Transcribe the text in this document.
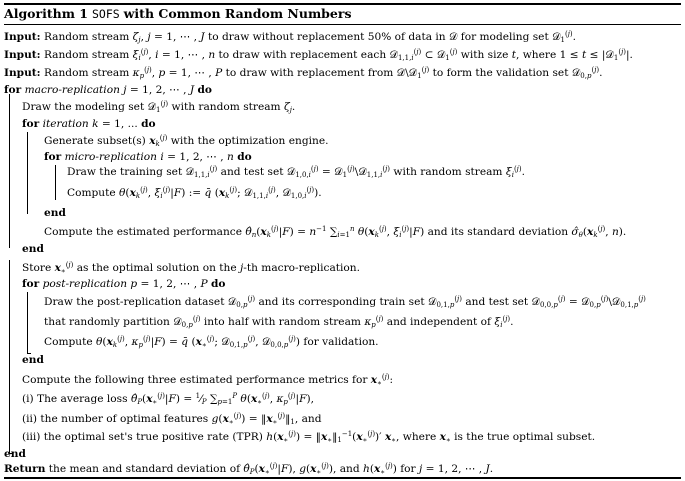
Algorithm 1 SOFS with Common Random Numbers
Input: Random stream $\zeta_j$, j = 1, ⋯ , J to draw without replacement 50% of data in 𝒟 for modeling set 𝒟$_1^{(j)}$.
Input: Random stream $\xi_i^{(j)}$, i = 1, ⋯ , n to draw with replacement each 𝒟$_{1,1,i}^{(j)}$ ⊂ 𝒟$_1^{(j)}$ with size t, where 1 ≤ t ≤ |𝒟$_1^{(j)}$|.
Input: Random stream $\kappa_p^{(j)}$, p = 1, ⋯ , P to draw with replacement from 𝒟\𝒟$_1^{(j)}$ to form the validation set 𝒟$_{0,p}^{(j)}$.
for macro-replication j = 1, 2, ⋯ , J do
Draw the modeling set 𝒟$_1^{(j)}$ with random stream $\zeta_j$.
for iteration k = 1, ... do
Generate subset(s) $x_k^{(j)}$ with the optimization engine.
for micro-replication i = 1, 2, ⋯ , n do
Draw the training set 𝒟$_{1,1,i}^{(j)}$ and test set 𝒟$_{1,0,i}^{(j)}$ = 𝒟$_1^{(j)}$\𝒟$_{1,1,i}^{(j)}$ with random stream $\xi_i^{(j)}$.
Compute $\theta(x_k^{(j)}$, $\xi_i^{(j)}|F$) := q̄ ($x_k^{(j)}$; 𝒟$_{1,1,i}^{(j)}$, 𝒟$_{1,0,i}^{(j)}$).
end
Compute the estimated performance $\thetâ_n(x_k^{(j)}|F) = n^{-1}$ $\sum_{i=1}^n$ $\theta(x_k^{(j)}$, $\xi_i^{(j)}|F$) and its standard deviation $\sigmâ_\theta(x_k^{(j)}$, n).
end
Store $x_∗^{(j)}$ as the optimal solution on the j-th macro-replication.
for post-replication p = 1, 2, ⋯ , P do
Draw the post-replication dataset 𝒟$_{0,p}^{(j)}$ and its corresponding train set 𝒟$_{0,1,p}^{(j)}$ and test set 𝒟$_{0,0,p}^{(j)}$ = 𝒟$_{0,p}^{(j)}$\𝒟$_{0,1,p}^{(j)}$
that randomly partition 𝒟$_{0,p}^{(j)}$ into half with random stream $\kappa_p^{(j)}$ and independent of $\xi_i^{(j)}$.
Compute $\theta(x_k^{(j)}$, $\kappa_p^{(j)}|F$) = q̄ ($x_∗^{(j)}$; 𝒟$_{0,1,p}^{(j)}$, 𝒟$_{0,0,p}^{(j)}$) for validation.
end
Compute the following three estimated performance metrics for $x_∗^{(j)}$:
(i) The average loss $\thetâ_P(x_∗^{(j)}|F)$ = $^1⁄_P$ $\sum_{p=1}^P$ $\theta(x_∗^{(j)}$, $\kappa_p^{(j)}|F$),
(ii) the number of optimal features $g(x_∗^{(j)})$ = $‖x_∗^{(j)}‖_1$, and
(iii) the optimal set's true positive rate (TPR) $h(x_∗^{(j)})$ = $‖x_∗‖_1^{-1}(x_∗^{(j)})'$ $x_∗$, where $x_∗$ is the true optimal subset.
end
Return the mean and standard deviation of $\thetâ_P(x_∗^{(j)}|F)$, $g(x_∗^{(j)})$, and $h(x_∗^{(j)})$ for j = 1, 2, ⋯ , J.
